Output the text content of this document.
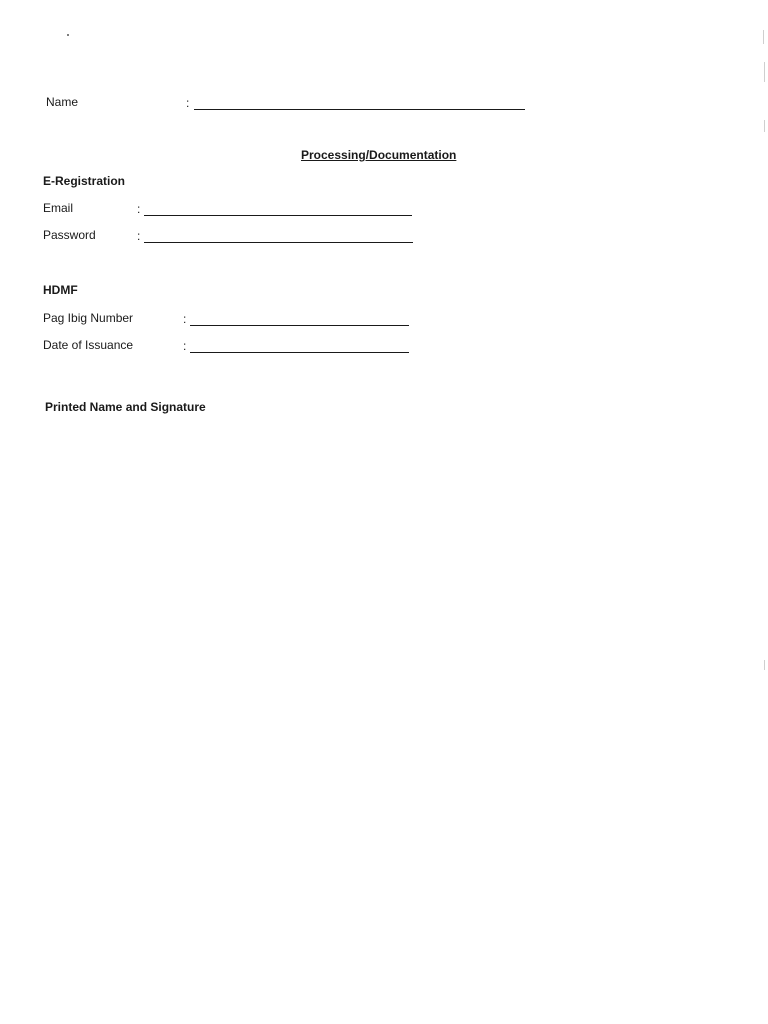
Name	:
Processing/Documentation
E-Registration
Email	:
Password	:
HDMF
Pag Ibig Number	:
Date of Issuance	:
Printed Name and Signature
